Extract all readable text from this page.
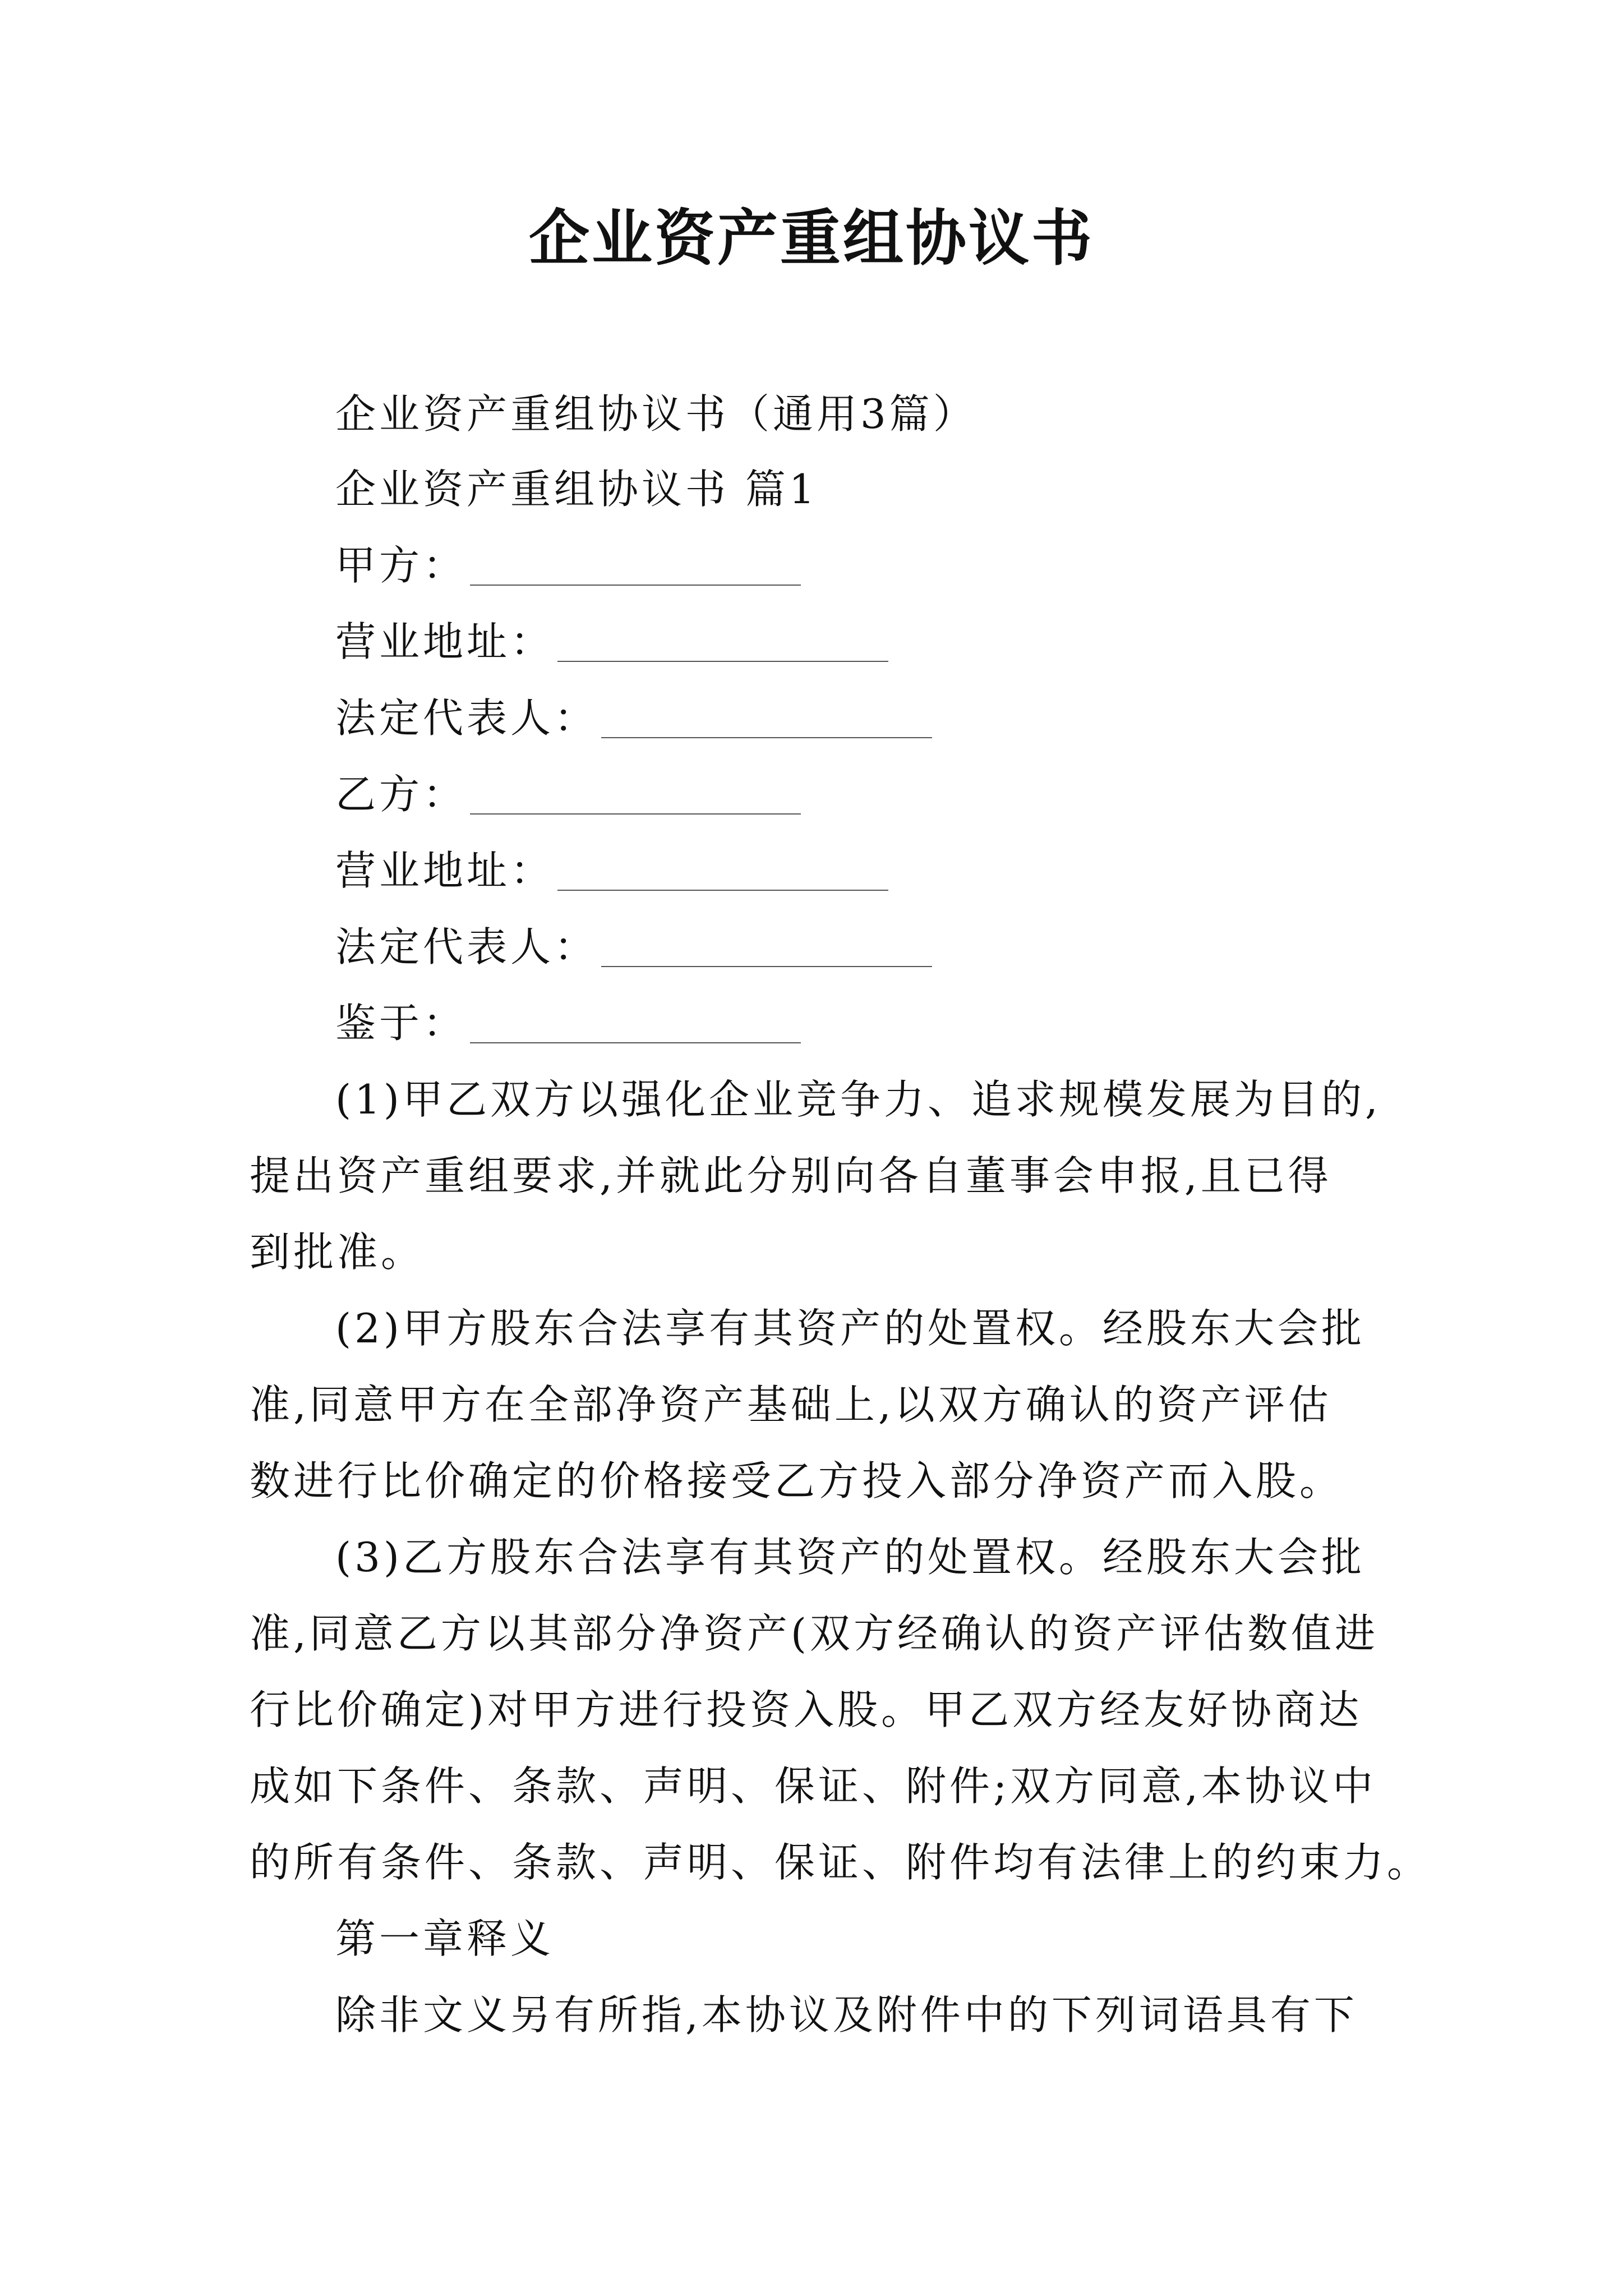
企业资产重组协议书
企业资产重组协议书（通用3篇）
企业资产重组协议书 篇1
甲方：
营业地址：
法定代表人：
乙方：
营业地址：
法定代表人：
鉴于：
(1)甲乙双方以强化企业竞争力、追求规模发展为目的,
提出资产重组要求,并就此分别向各自董事会申报,且已得
到批准。
(2)甲方股东合法享有其资产的处置权。经股东大会批
准,同意甲方在全部净资产基础上,以双方确认的资产评估
数进行比价确定的价格接受乙方投入部分净资产而入股。
(3)乙方股东合法享有其资产的处置权。经股东大会批
准,同意乙方以其部分净资产(双方经确认的资产评估数值进
行比价确定)对甲方进行投资入股。甲乙双方经友好协商达
成如下条件、条款、声明、保证、附件;双方同意,本协议中
的所有条件、条款、声明、保证、附件均有法律上的约束力。
第一章释义
除非文义另有所指,本协议及附件中的下列词语具有下
